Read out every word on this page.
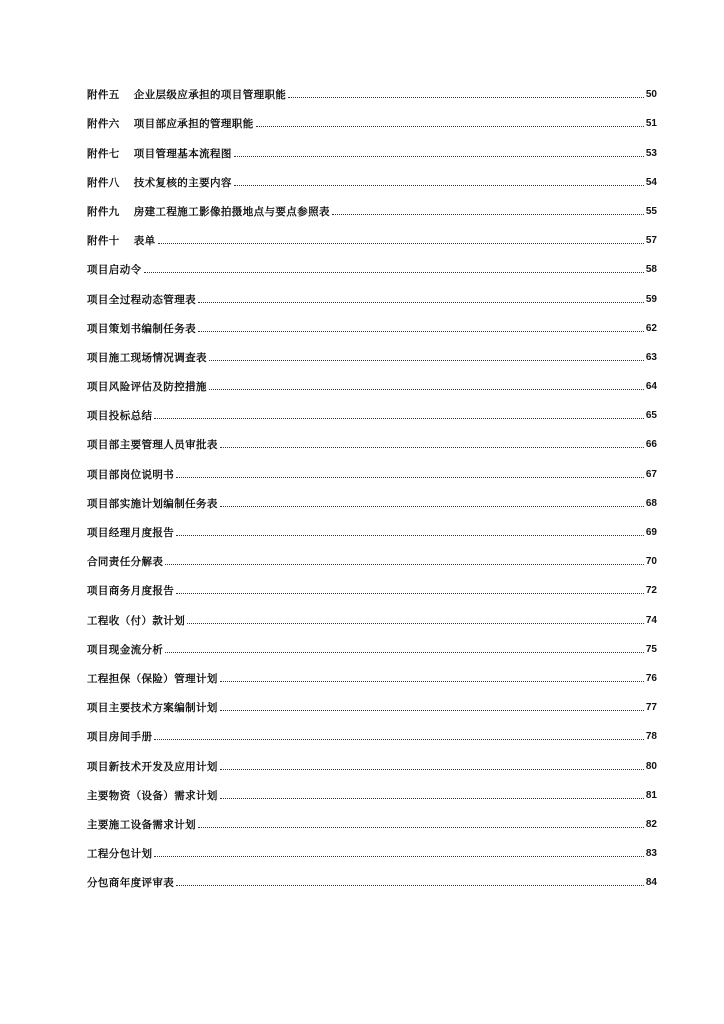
附件五 企业层级应承担的项目管理职能	50
附件六 项目部应承担的管理职能	51
附件七 项目管理基本流程图	53
附件八 技术复核的主要内容	54
附件九 房建工程施工影像拍摄地点与要点参照表	55
附件十 表单	57
项目启动令	58
项目全过程动态管理表	59
项目策划书编制任务表	62
项目施工现场情况调查表	63
项目风险评估及防控措施	64
项目投标总结	65
项目部主要管理人员审批表	66
项目部岗位说明书	67
项目部实施计划编制任务表	68
项目经理月度报告	69
合同责任分解表	70
项目商务月度报告	72
工程收（付）款计划	74
项目现金流分析	75
工程担保（保险）管理计划	76
项目主要技术方案编制计划	77
项目房间手册	78
项目新技术开发及应用计划	80
主要物资（设备）需求计划	81
主要施工设备需求计划	82
工程分包计划	83
分包商年度评审表	84
